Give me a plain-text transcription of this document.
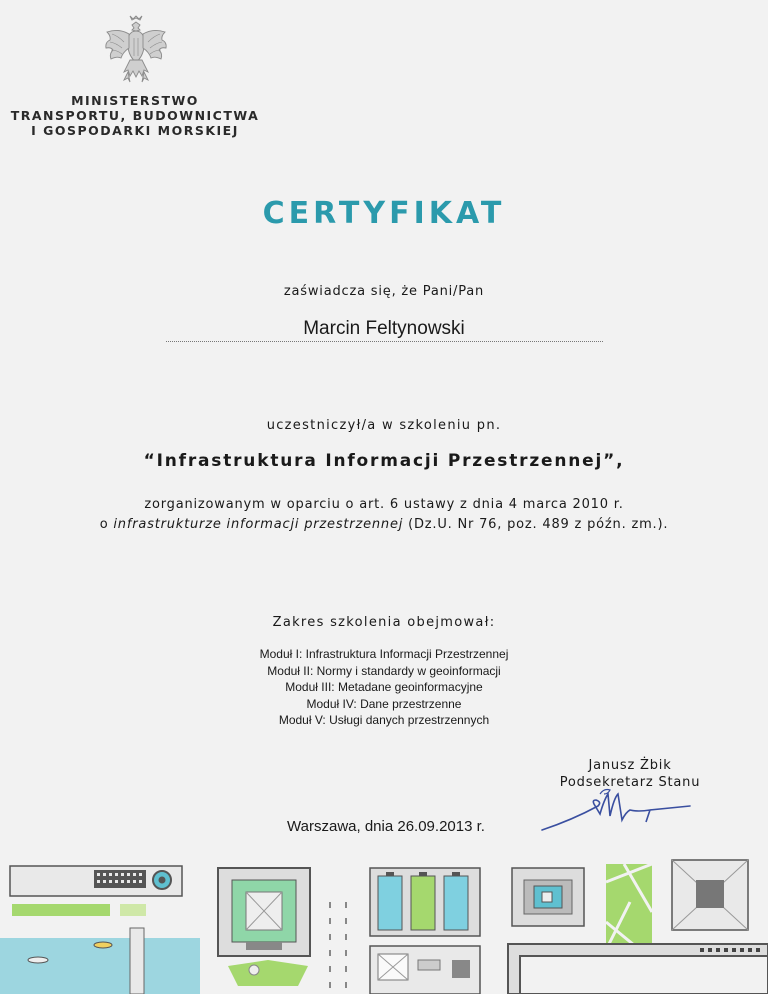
MINISTERSTWO
TRANSPORTU, BUDOWNICTWA
I GOSPODARKI MORSKIEJ
CERTYFIKAT
zaświadcza się, że Pani/Pan
Marcin Feltynowski
uczestniczył/a w szkoleniu pn.
“Infrastruktura Informacji Przestrzennej”,
zorganizowanym w oparciu o art. 6 ustawy z dnia 4 marca 2010 r.
o infrastrukturze informacji przestrzennej (Dz.U. Nr 76, poz. 489 z późn. zm.).
Zakres szkolenia obejmował:
Moduł I: Infrastruktura Informacji Przestrzennej
Moduł II: Normy i standardy w geoinformacji
Moduł III: Metadane geoinformacyjne
Moduł IV: Dane przestrzenne
Moduł V: Usługi danych przestrzennych
Janusz Żbik
Podsekretarz Stanu
Warszawa, dnia 26.09.2013 r.
